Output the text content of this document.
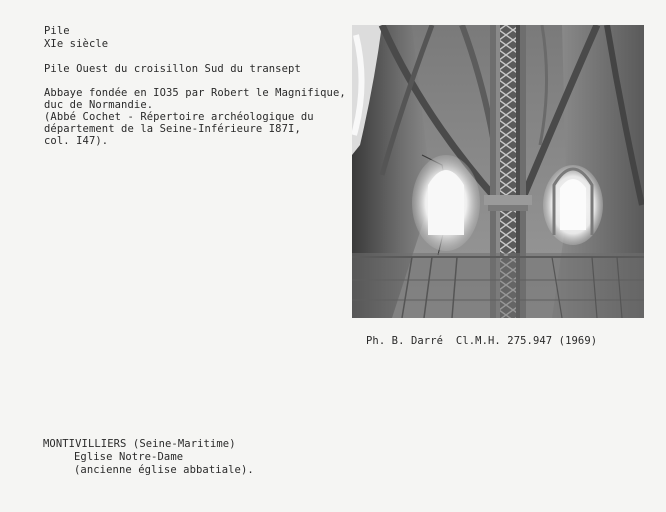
Pile
XIe siècle
Pile Ouest du croisillon Sud du transept
Abbaye fondée en IO35 par Robert le Magnifique,
duc de Normandie.
(Abbé Cochet - Répertoire archéologique du
département de la Seine-Inférieure I87I,
col. I47).
Ph. B. Darré  Cl.M.H. 275.947 (1969)
MONTIVILLIERS (Seine-Maritime)
Eglise Notre-Dame
(ancienne église abbatiale).
